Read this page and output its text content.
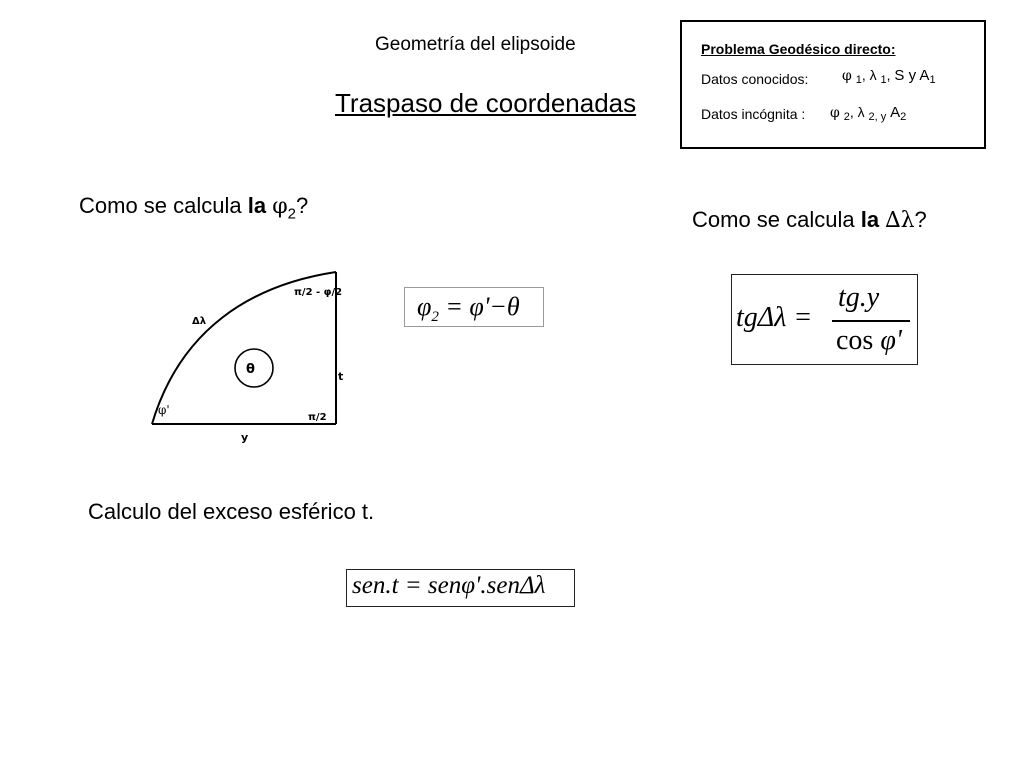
Geometría del elipsoide
Traspaso de coordenadas
Problema Geodésico directo:
Datos conocidos: φ $_1$, λ $_1$, S y $A_1$
Datos incógnita : φ $_2$, λ $_{2, y}$ $A_2$
Como se calcula la $\varphi_2$?
Como se calcula la ∆λ?
θ
π/2 - φ/2
π/2
φ'
Δλ
t
y
$\varphi_2 = \varphi'-\theta$	tgΔλ =
tg.y
cos φ'
Calculo del exceso esférico t.
sen.t = senφ'.senΔλ
